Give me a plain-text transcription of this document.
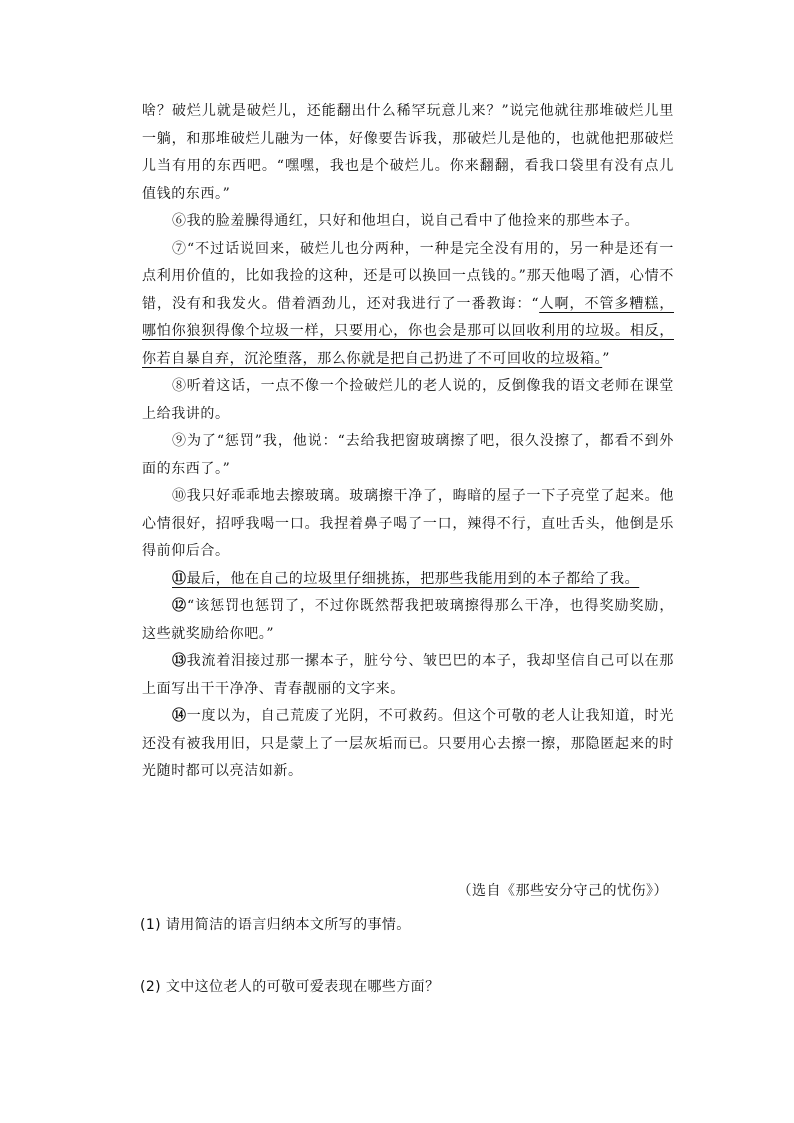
啥？破烂儿就是破烂儿，还能翻出什么稀罕玩意儿来？”说完他就往那堆破烂儿里一躺，和那堆破烂儿融为一体，好像要告诉我，那破烂儿是他的，也就他把那破烂儿当有用的东西吧。“嘿嘿，我也是个破烂儿。你来翻翻，看我口袋里有没有点儿值钱的东西。”

⑥我的脸羞臊得通红，只好和他坦白，说自己看中了他捡来的那些本子。

⑦“不过话说回来，破烂儿也分两种，一种是完全没有用的，另一种是还有一点利用价值的，比如我捡的这种，还是可以换回一点钱的。”那天他喝了酒，心情不错，没有和我发火。借着酒劲儿，还对我进行了一番教诲：“人啊，不管多糟糕，哪怕你狼狈得像个垃圾一样，只要用心，你也会是那可以回收利用的垃圾。相反，你若自暴自弃，沉沦堕落，那么你就是把自己扔进了不可回收的垃圾箱。”

⑧听着这话，一点不像一个捡破烂儿的老人说的，反倒像我的语文老师在课堂上给我讲的。

⑨为了“惩罚”我，他说：“去给我把窗玻璃擦了吧，很久没擦了，都看不到外面的东西了。”

⑩我只好乖乖地去擦玻璃。玻璃擦干净了，晦暗的屋子一下子亮堂了起来。他心情很好，招呼我喝一口。我捏着鼻子喝了一口，辣得不行，直吐舌头，他倒是乐得前仰后合。

⑪最后，他在自己的垃圾里仔细挑拣，把那些我能用到的本子都给了我。

⑫“该惩罚也惩罚了，不过你既然帮我把玻璃擦得那么干净，也得奖励奖励，这些就奖励给你吧。”

⑬我流着泪接过那一摞本子，脏兮兮、皱巴巴的本子，我却坚信自己可以在那上面写出干干净净、青春靓丽的文字来。

⑭一度以为，自己荒废了光阴，不可救药。但这个可敬的老人让我知道，时光还没有被我用旧，只是蒙上了一层灰垢而已。只要用心去擦一擦，那隐匿起来的时光随时都可以亮洁如新。

（选自《那些安分守己的忧伤》）
(1) 请用简洁的语言归纳本文所写的事情。
(2) 文中这位老人的可敬可爱表现在哪些方面？
